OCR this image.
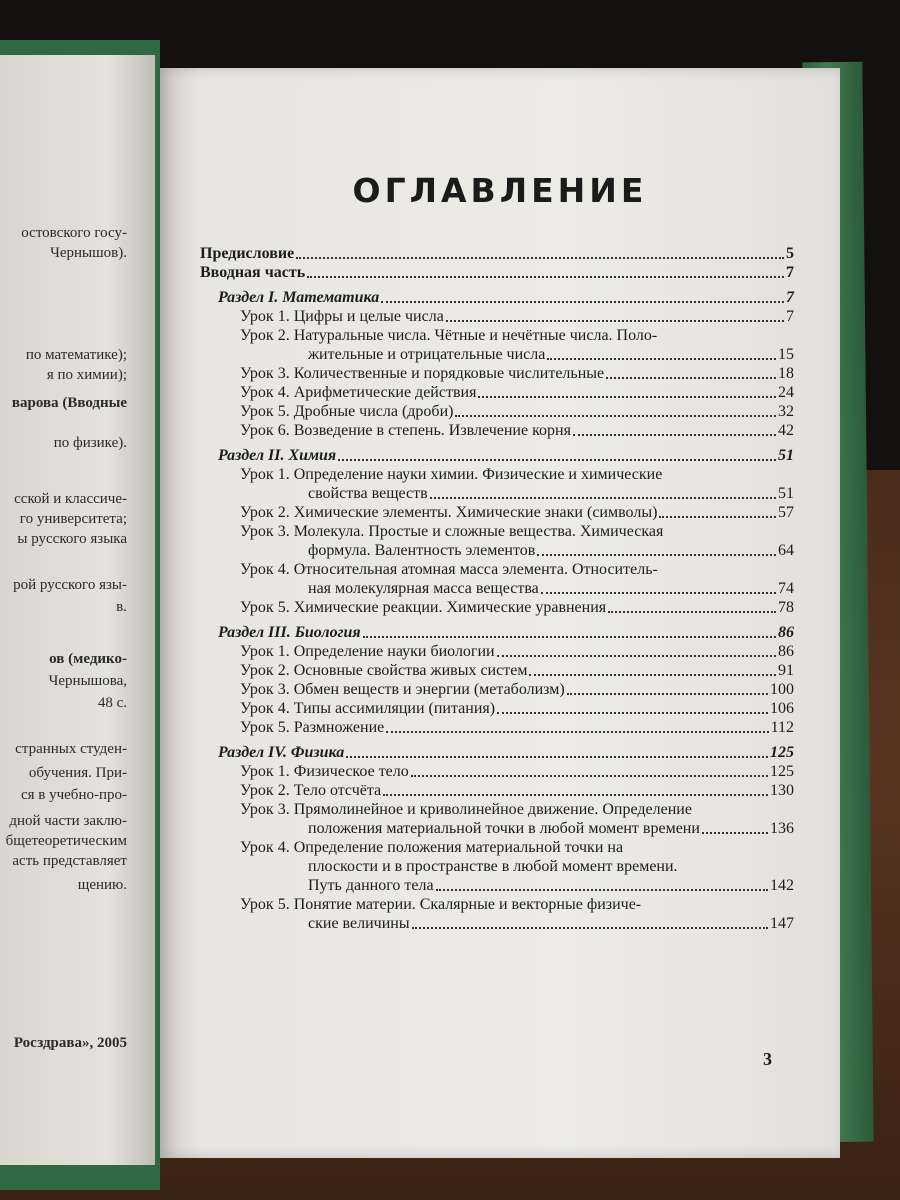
остовского госу-
Чернышов).
по математике);
я по химии);
варова (Вводные
по физике).
сской и классиче-
го университета;
ы русского языка
рой русского язы-
в.
ов (медико-
Чернышова,
48 с.
странных студен-
обучения. При-
ся в учебно-про-
дной части заклю-
бщетеоретическим
асть представляет
щению.
Росздрава», 2005
ОГЛАВЛЕНИЕ
Предисловие	5
Вводная часть	7
Раздел I. Математика	7
Урок 1. Цифры и целые числа	7
Урок 2. Натуральные числа. Чётные и нечётные числа. Поло-
жительные и отрицательные числа	15
Урок 3. Количественные и порядковые числительные	18
Урок 4. Арифметические действия	24
Урок 5. Дробные числа (дроби)	32
Урок 6. Возведение в степень. Извлечение корня	42
Раздел II. Химия	51
Урок 1. Определение науки химии. Физические и химические
свойства веществ	51
Урок 2. Химические элементы. Химические знаки (символы)	57
Урок 3. Молекула. Простые и сложные вещества. Химическая
формула. Валентность элементов	64
Урок 4. Относительная атомная масса элемента. Относитель-
ная молекулярная масса вещества	74
Урок 5. Химические реакции. Химические уравнения	78
Раздел III. Биология	86
Урок 1. Определение науки биологии	86
Урок 2. Основные свойства живых систем	91
Урок 3. Обмен веществ и энергии (метаболизм)	100
Урок 4. Типы ассимиляции (питания)	106
Урок 5. Размножение	112
Раздел IV. Физика	125
Урок 1. Физическое тело	125
Урок 2. Тело отсчёта	130
Урок 3. Прямолинейное и криволинейное движение. Определение
положения материальной точки в любой момент времени	136
Урок 4. Определение положения материальной точки на
плоскости и в пространстве в любой момент времени.
Путь данного тела	142
Урок 5. Понятие материи. Скалярные и векторные физиче-
ские величины	147
3
